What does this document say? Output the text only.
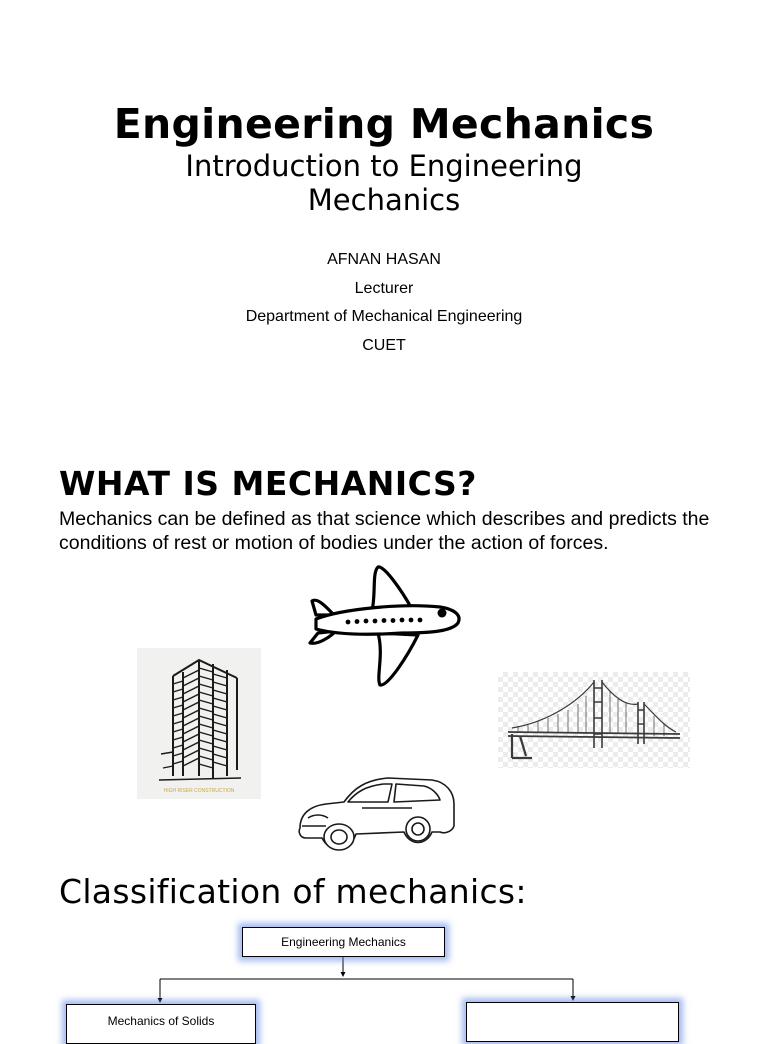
Engineering Mechanics
Introduction to Engineering Mechanics
AFNAN HASAN
Lecturer
Department of Mechanical Engineering
CUET
WHAT IS MECHANICS?
Mechanics can be defined as that science which describes and predicts the conditions of rest or motion of bodies under the action of forces.
HIGH RISER CONSTRUCTION
Classification of mechanics:
Engineering Mechanics
Mechanics of Solids
